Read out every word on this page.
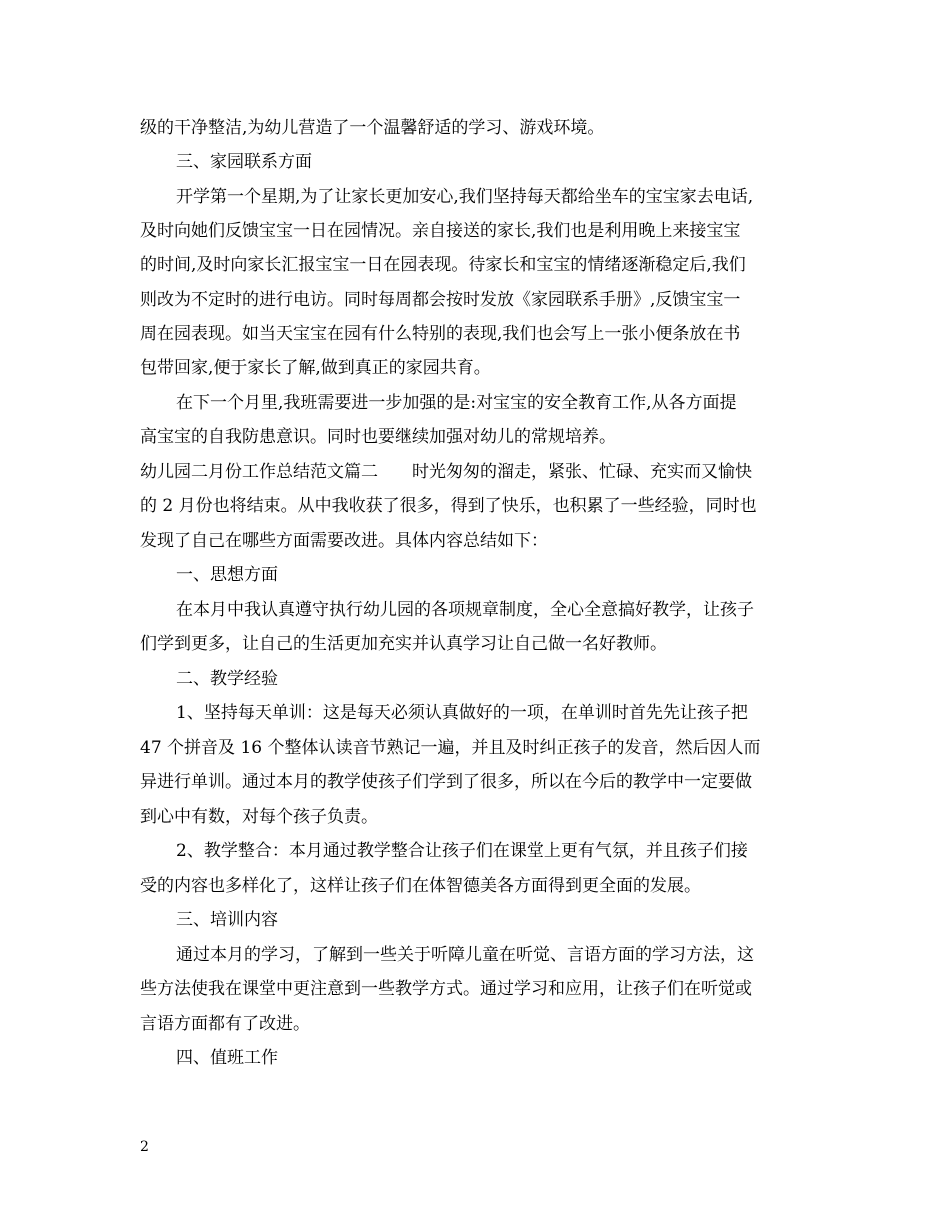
级的干净整洁,为幼儿营造了一个温馨舒适的学习、游戏环境。
三、家园联系方面
开学第一个星期,为了让家长更加安心,我们坚持每天都给坐车的宝宝家去电话,
及时向她们反馈宝宝一日在园情况。亲自接送的家长,我们也是利用晚上来接宝宝
的时间,及时向家长汇报宝宝一日在园表现。待家长和宝宝的情绪逐渐稳定后,我们
则改为不定时的进行电访。同时每周都会按时发放《家园联系手册》,反馈宝宝一
周在园表现。如当天宝宝在园有什么特别的表现,我们也会写上一张小便条放在书
包带回家,便于家长了解,做到真正的家园共育。
在下一个月里,我班需要进一步加强的是:对宝宝的安全教育工作,从各方面提
高宝宝的自我防患意识。同时也要继续加强对幼儿的常规培养。
幼儿园二月份工作总结范文篇二　　时光匆匆的溜走，紧张、忙碌、充实而又愉快
的 2 月份也将结束。从中我收获了很多，得到了快乐，也积累了一些经验，同时也
发现了自己在哪些方面需要改进。具体内容总结如下：
一、思想方面
在本月中我认真遵守执行幼儿园的各项规章制度，全心全意搞好教学，让孩子
们学到更多，让自己的生活更加充实并认真学习让自己做一名好教师。
二、教学经验
1、坚持每天单训：这是每天必须认真做好的一项，在单训时首先先让孩子把
47 个拼音及 16 个整体认读音节熟记一遍，并且及时纠正孩子的发音，然后因人而
异进行单训。通过本月的教学使孩子们学到了很多，所以在今后的教学中一定要做
到心中有数，对每个孩子负责。
2、教学整合：本月通过教学整合让孩子们在课堂上更有气氛，并且孩子们接
受的内容也多样化了，这样让孩子们在体智德美各方面得到更全面的发展。
三、培训内容
通过本月的学习，了解到一些关于听障儿童在听觉、言语方面的学习方法，这
些方法使我在课堂中更注意到一些教学方式。通过学习和应用，让孩子们在听觉或
言语方面都有了改进。
四、值班工作
2
